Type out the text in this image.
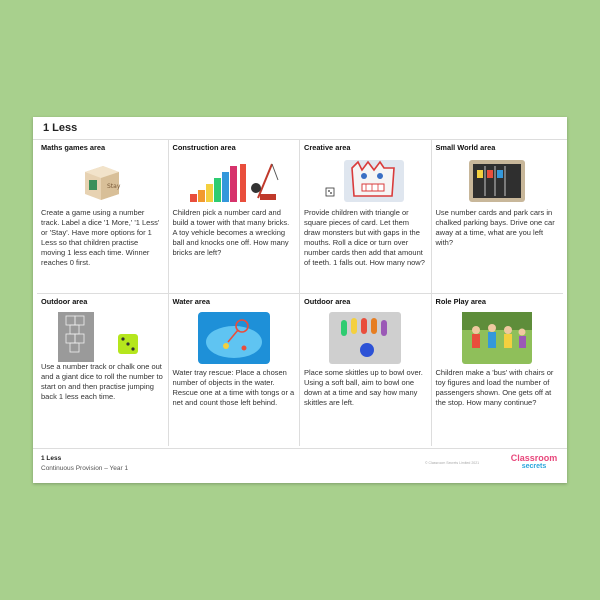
1 Less
Maths games area
Stay
Create a game using a number track. Label a dice '1 More,' '1 Less' or 'Stay'. Have more options for 1 Less so that children practise moving 1 less each time. Winner reaches 0 first.
Construction area
Children pick a number card and build a tower with that many bricks. A toy vehicle becomes a wrecking ball and knocks one off. How many bricks are left?
Creative area
Provide children with triangle or square pieces of card. Let them draw monsters but with gaps in the mouths. Roll a dice or turn over number cards then add that amount of teeth. 1 falls out. How many now?
Small World area
Use number cards and park cars in chalked parking bays. Drive one car away at a time, what are you left with?
Outdoor area
Use a number track or chalk one out and a giant dice to roll the number to start on and then practise jumping back 1 less each time.
Water area
Water tray rescue: Place a chosen number of objects in the water. Rescue one at a time with tongs or a net and count those left behind.
Outdoor area
Place some skittles up to bowl over. Using a soft ball, aim to bowl one down at a time and say how many skittles are left.
Role Play area
Children make a 'bus' with chairs or toy figures and load the number of passengers shown. One gets off at the stop. How many continue?
1 Less
Continuous Provision – Year 1
© Classroom Secrets Limited 2021	Classroom
secrets
